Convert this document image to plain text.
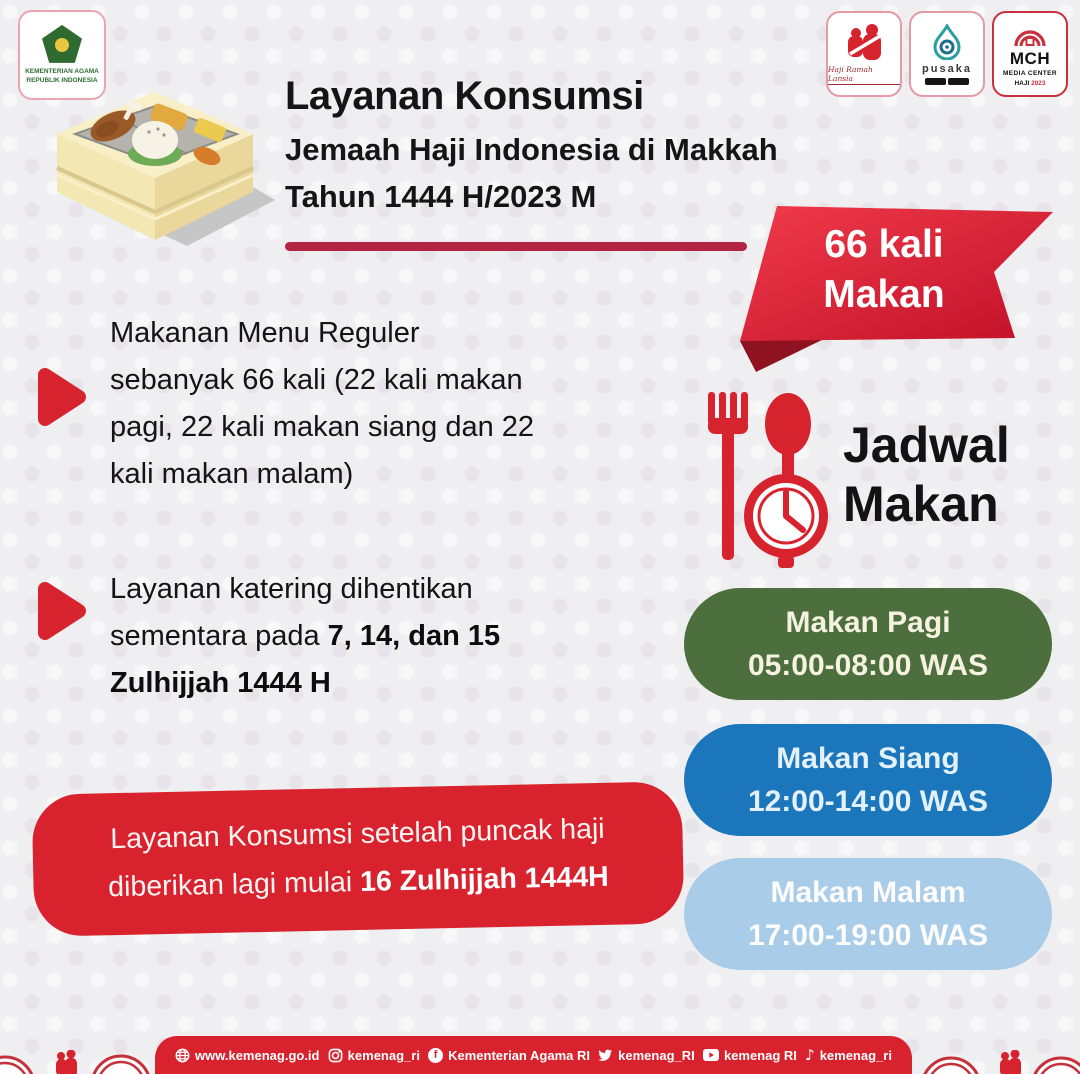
KEMENTERIAN AGAMA
REPUBLIK INDONESIA	Layanan Konsumsi
Jemaah Haji Indonesia di Makkah
Tahun 1444 H/2023 M
Haji Ramah Lansia
pusaka
MCH
MEDIA CENTER
HAJI 2023
66 kali
Makan
Makanan Menu Reguler
sebanyak 66 kali (22 kali makan
pagi, 22 kali makan siang dan 22
kali makan malam)
Layanan katering dihentikan
sementara pada 7, 14, dan 15
Zulhijjah 1444 H
Layanan Konsumsi setelah puncak haji
diberikan lagi mulai 16 Zulhijjah 1444H
Jadwal
Makan
Makan Pagi
05:00-08:00 WAS
Makan Siang
12:00-14:00 WAS
Makan Malam
17:00-19:00 WAS
www.kemenag.go.id kemenag_ri	f Kementerian Agama RI kemenag_RI kemenag RI ♪ kemenag_ri
